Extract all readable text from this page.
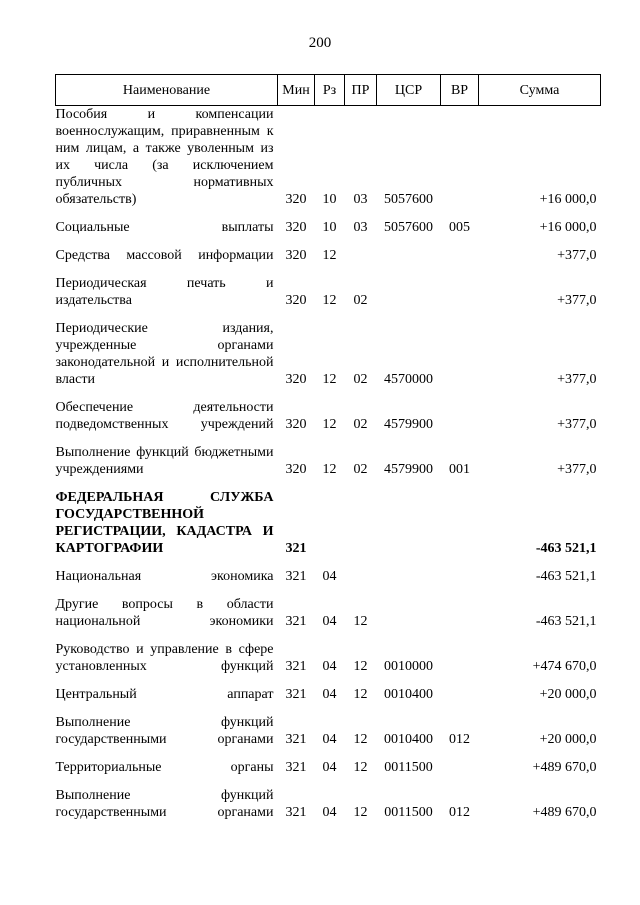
200
Наименование	Мин	Рз	ПР	ЦСР	ВР	Сумма
Пособия и компенсации военнослужащим, приравненным к ним лицам, а также уволенным из их числа (за исключением публичных нормативных обязательств)	320	10	03	5057600		+16 000,0
Социальные выплаты	320	10	03	5057600	005	+16 000,0
Средства массовой информации	320	12				+377,0
Периодическая печать и издательства	320	12	02			+377,0
Периодические издания, учрежденные органами законодательной и исполнительной власти	320	12	02	4570000		+377,0
Обеспечение деятельности подведомственных учреждений	320	12	02	4579900		+377,0
Выполнение функций бюджетными учреждениями	320	12	02	4579900	001	+377,0
ФЕДЕРАЛЬНАЯ СЛУЖБА ГОСУДАРСТВЕННОЙ РЕГИСТРАЦИИ, КАДАСТРА И КАРТОГРАФИИ	321					-463 521,1
Национальная экономика	321	04				-463 521,1
Другие вопросы в области национальной экономики	321	04	12			-463 521,1
Руководство и управление в сфере установленных функций	321	04	12	0010000		+474 670,0
Центральный аппарат	321	04	12	0010400		+20 000,0
Выполнение функций государственными органами	321	04	12	0010400	012	+20 000,0
Территориальные органы	321	04	12	0011500		+489 670,0
Выполнение функций государственными органами	321	04	12	0011500	012	+489 670,0
